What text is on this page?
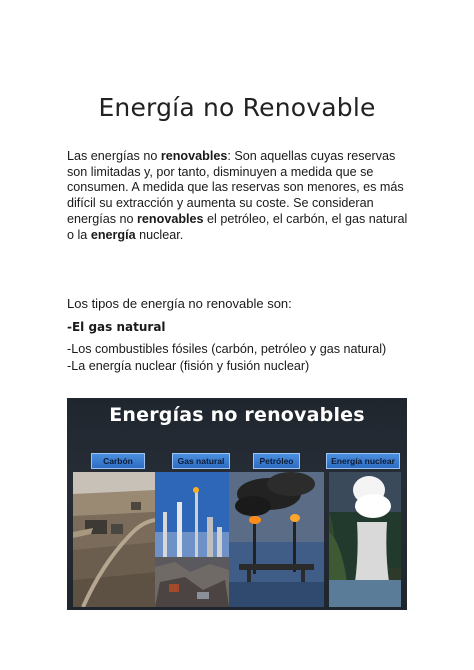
Energía no Renovable
Las energías no renovables: Son aquellas cuyas reservas son limitadas y, por tanto, disminuyen a medida que se consumen. A medida que las reservas son menores, es más difícil su extracción y aumenta su coste. Se consideran energías no renovables el petróleo, el carbón, el gas natural o la energía nuclear.
Los tipos de energía no renovable son:
-El gas natural
-Los combustibles fósiles (carbón, petróleo y gas natural)
-La energía nuclear (fisión y fusión nuclear)
Energías no renovables
Carbón	Gas natural	Petróleo	Energía nuclear
